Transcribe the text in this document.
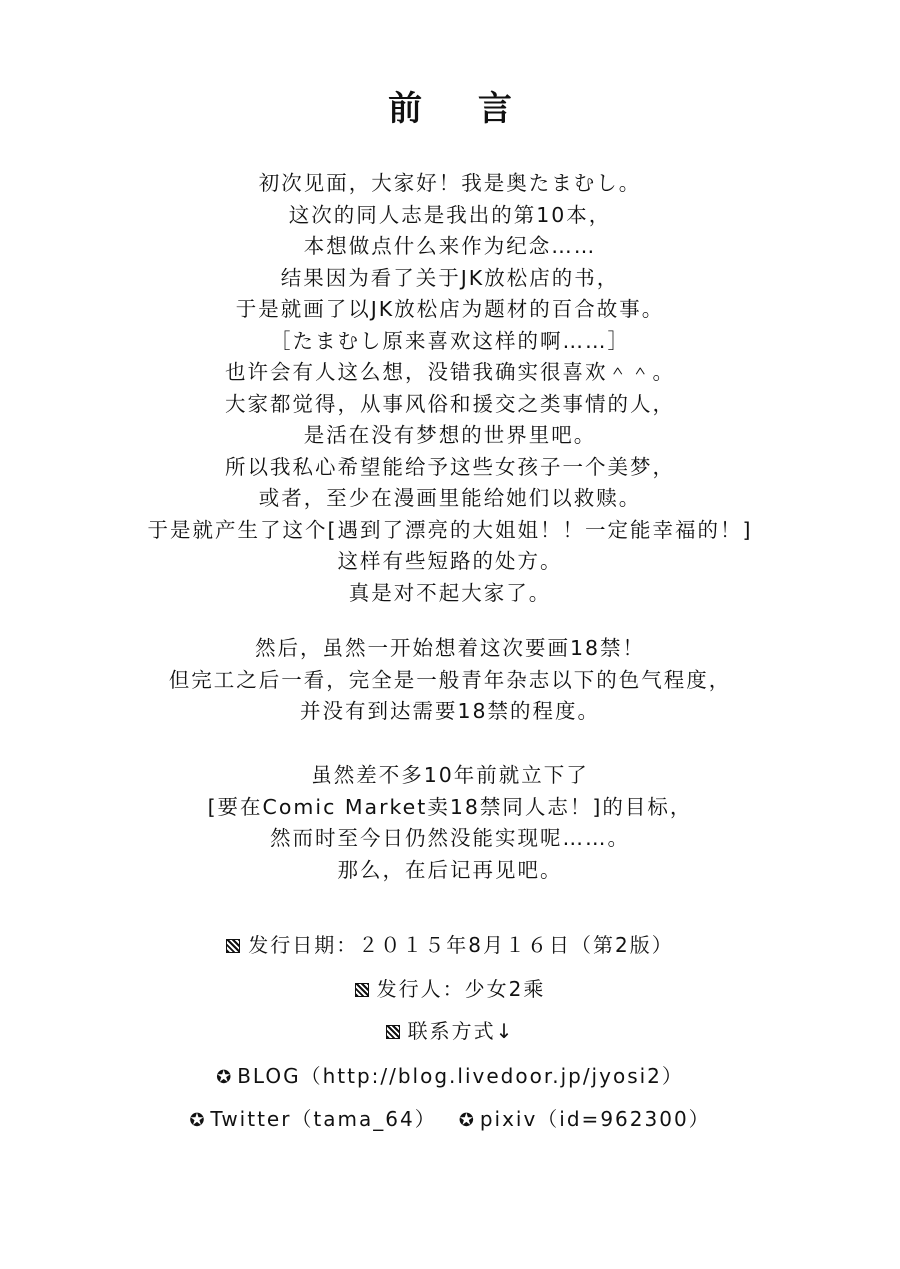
前 言
初次见面，大家好！我是奥たまむし。
这次的同人志是我出的第10本，
本想做点什么来作为纪念……
结果因为看了关于JK放松店的书，
于是就画了以JK放松店为题材的百合故事。
［たまむし原来喜欢这样的啊……］
也许会有人这么想，没错我确实很喜欢＾＾。
大家都觉得，从事风俗和援交之类事情的人，
是活在没有梦想的世界里吧。
所以我私心希望能给予这些女孩子一个美梦，
或者，至少在漫画里能给她们以救赎。
于是就产生了这个[遇到了漂亮的大姐姐！！一定能幸福的！]
这样有些短路的处方。
真是对不起大家了。
然后，虽然一开始想着这次要画18禁！
但完工之后一看，完全是一般青年杂志以下的色气程度，
并没有到达需要18禁的程度。
虽然差不多10年前就立下了
[要在Comic Market卖18禁同人志！]的目标，
然而时至今日仍然没能实现呢……。
那么，在后记再见吧。
发行日期：２０１５年8月１６日（第2版）
发行人：少女2乘
联系方式↓
✪ BLOG（http://blog.livedoor.jp/jyosi2）
✪ Twitter（tama_64） ✪ pixiv（id=962300）
